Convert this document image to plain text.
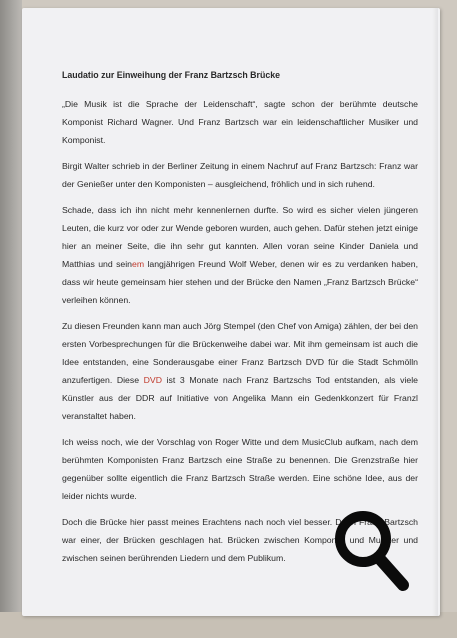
Laudatio zur Einweihung der Franz Bartzsch Brücke

„Die Musik ist die Sprache der Leidenschaft“, sagte schon der berühmte deutsche Komponist Richard Wagner. Und Franz Bartzsch war ein leidenschaftlicher Musiker und Komponist.

Birgit Walter schrieb in der Berliner Zeitung in einem Nachruf auf Franz Bartzsch: Franz war der Genießer unter den Komponisten – ausgleichend, fröhlich und in sich ruhend.

Schade, dass ich ihn nicht mehr kennenlernen durfte. So wird es sicher vielen jüngeren Leuten, die kurz vor oder zur Wende geboren wurden, auch gehen. Dafür stehen jetzt einige hier an meiner Seite, die ihn sehr gut kannten. Allen voran seine Kinder Daniela und Matthias und seinem langjährigen Freund Wolf Weber, denen wir es zu verdanken haben, dass wir heute gemeinsam hier stehen und der Brücke den Namen „Franz Bartzsch Brücke“ verleihen können.

Zu diesen Freunden kann man auch Jörg Stempel (den Chef von Amiga) zählen, der bei den ersten Vorbesprechungen für die Brückenweihe dabei war. Mit ihm gemeinsam ist auch die Idee entstanden, eine Sonderausgabe einer Franz Bartzsch DVD für die Stadt Schmölln anzufertigen. Diese DVD ist 3 Monate nach Franz Bartzschs Tod entstanden, als viele Künstler aus der DDR auf Initiative von Angelika Mann ein Gedenkkonzert für Franzl veranstaltet haben.

Ich weiss noch, wie der Vorschlag von Roger Witte und dem MusicClub aufkam, nach dem berühmten Komponisten Franz Bartzsch eine Straße zu benennen. Die Grenzstraße hier gegenüber sollte eigentlich die Franz Bartzsch Straße werden. Eine schöne Idee, aus der leider nichts wurde.

Doch die Brücke hier passt meines Erachtens nach noch viel besser. Denn Franz Bartzsch war einer, der Brücken geschlagen hat. Brücken zwischen Komponist und Musiker und zwischen seinen berührenden Liedern und dem Publikum.
